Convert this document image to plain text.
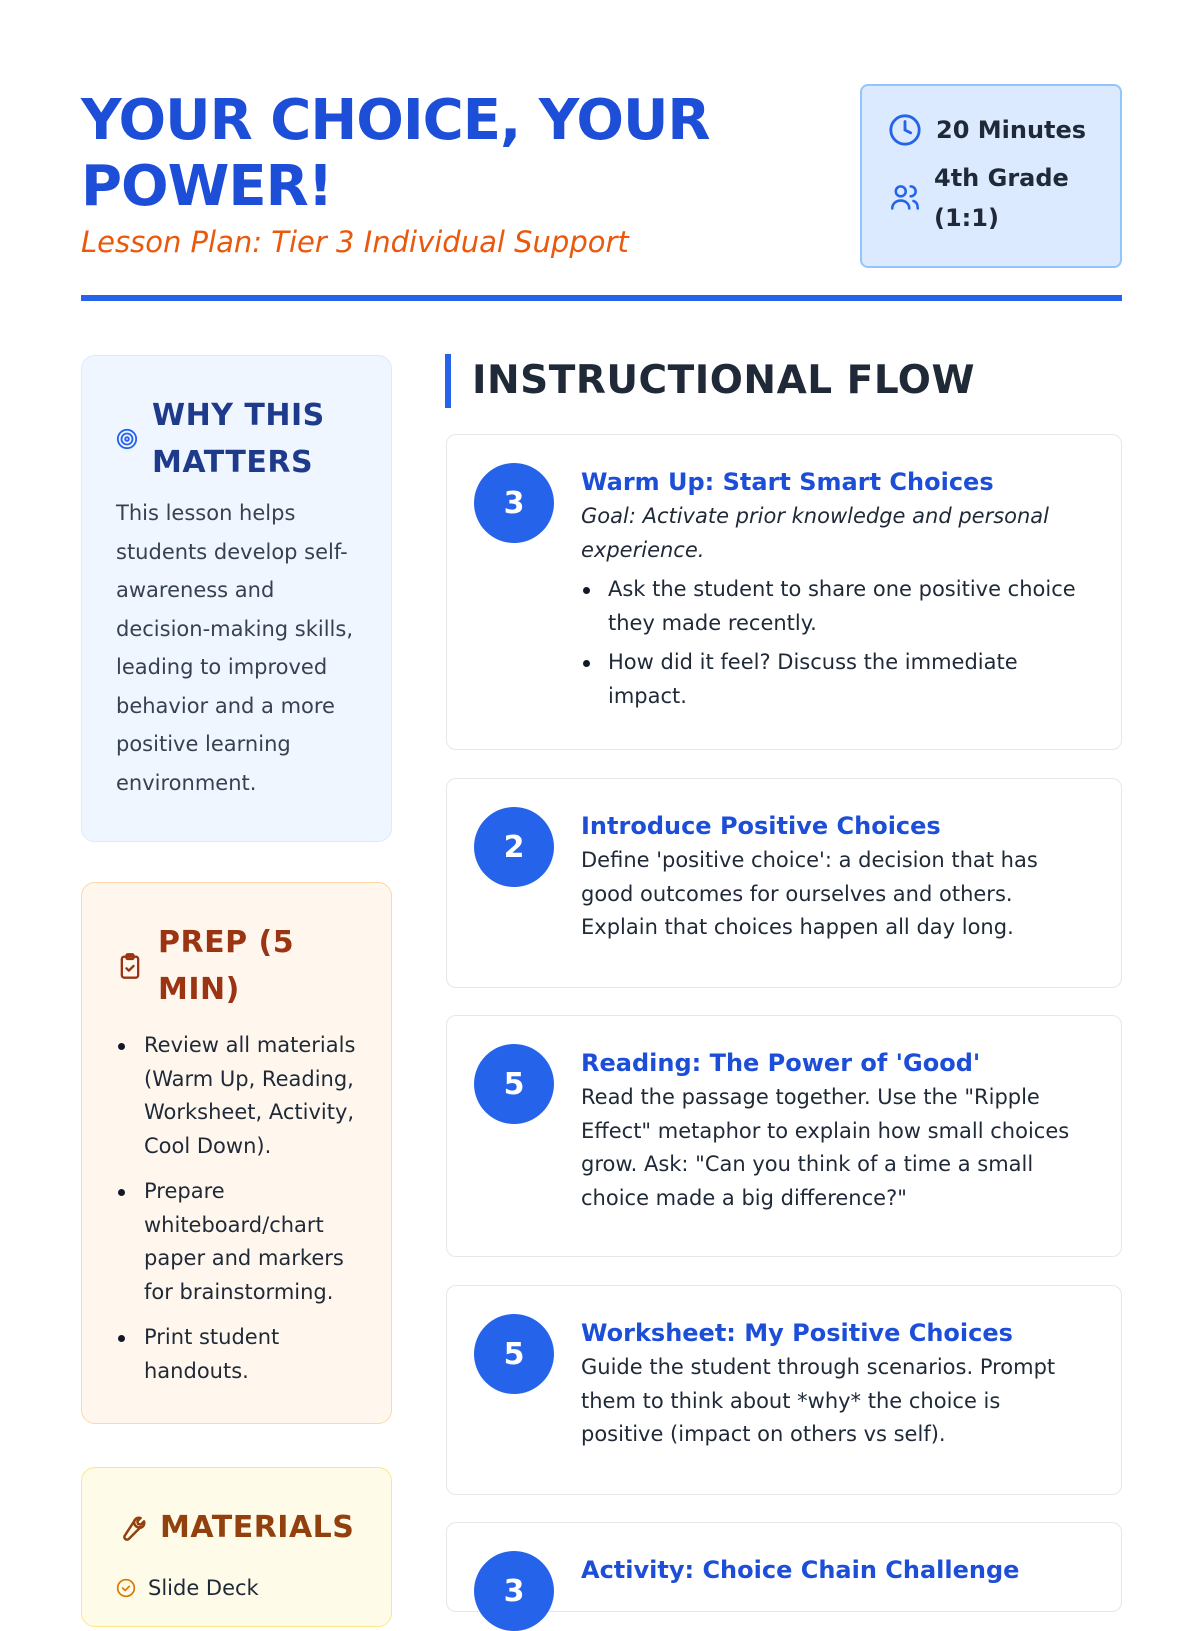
YOUR CHOICE, YOUR POWER!

Lesson Plan: Tier 3 Individual Support

20 Minutes
4th Grade (1:1)
WHY THIS MATTERS

This lesson helps students develop self-awareness and decision-making skills, leading to improved behavior and a more positive learning environment.

PREP (5 MIN)
Review all materials (Warm Up, Reading, Worksheet, Activity, Cool Down).
Prepare whiteboard/chart paper and markers for brainstorming.
Print student handouts.
MATERIALS
Slide Deck
INSTRUCTIONAL FLOW
3

Warm Up: Start Smart Choices

Goal: Activate prior knowledge and personal experience.

Ask the student to share one positive choice they made recently.
How did it feel? Discuss the immediate impact.
2

Introduce Positive Choices

Define 'positive choice': a decision that has good outcomes for ourselves and others. Explain that choices happen all day long.

5

Reading: The Power of 'Good'

Read the passage together. Use the "Ripple Effect" metaphor to explain how small choices grow. Ask: "Can you think of a time a small choice made a big difference?"

5

Worksheet: My Positive Choices

Guide the student through scenarios. Prompt them to think about *why* the choice is positive (impact on others vs self).

3

Activity: Choice Chain Challenge
